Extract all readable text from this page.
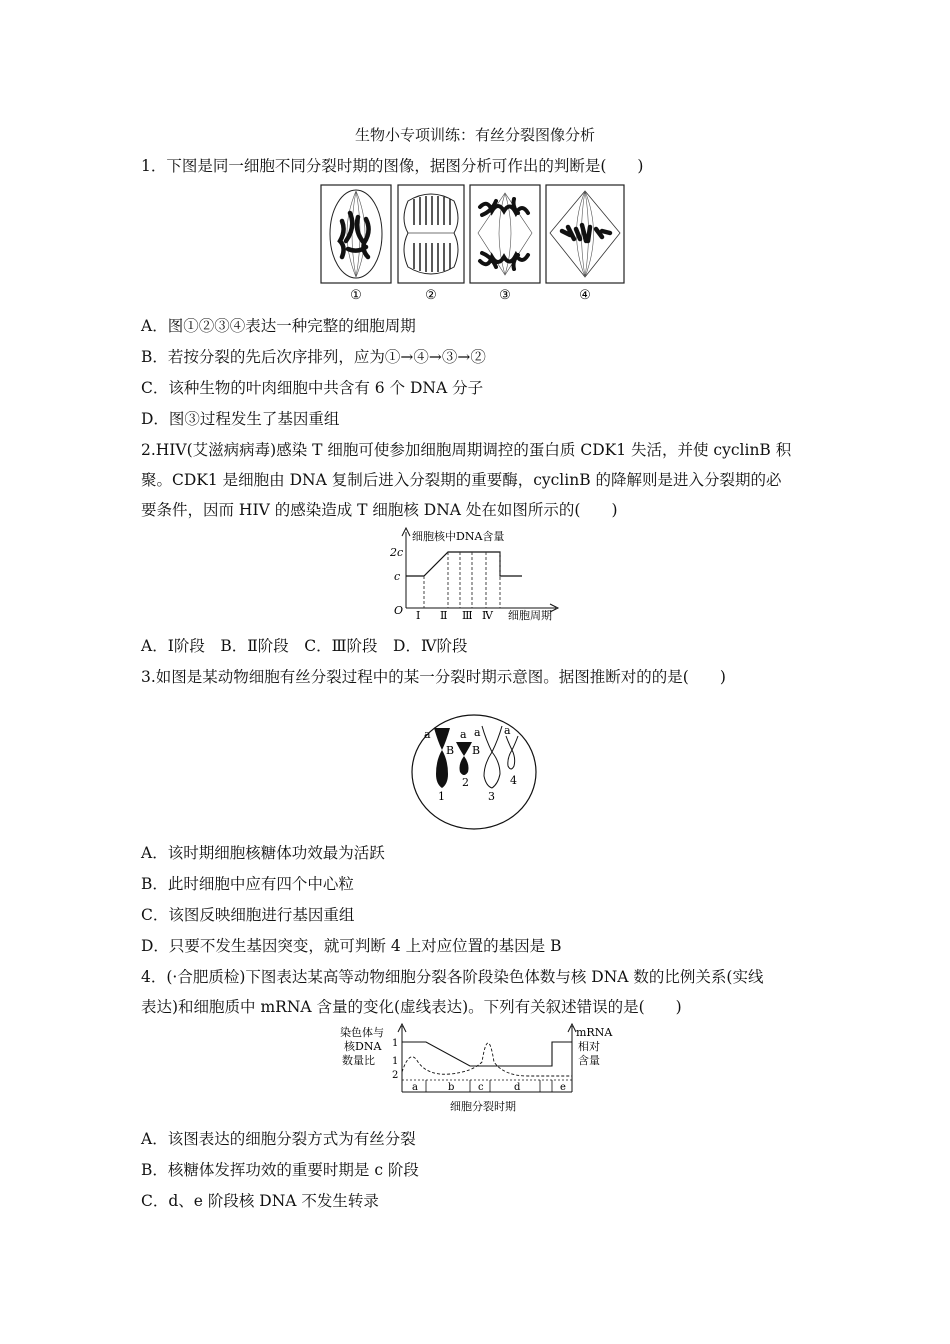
生物小专项训练：有丝分裂图像分析
1．下图是同一细胞不同分裂时期的图像，据图分析可作出的判断是(　　)
①	②	③	④
A．图①②③④表达一种完整的细胞周期
B．若按分裂的先后次序排列，应为①→④→③→②
C．该种生物的叶肉细胞中共含有 6 个 DNA 分子
D．图③过程发生了基因重组
2.HIV(艾滋病病毒)感染 T 细胞可使参加细胞周期调控的蛋白质 CDK1 失活，并使 cyclinB 积
聚。CDK1 是细胞由 DNA 复制后进入分裂期的重要酶，cyclinB 的降解则是进入分裂期的必
要条件，因而 HIV 的感染造成 T 细胞核 DNA 处在如图所示的(　　)
细胞核中DNA含量
2c
c
O Ⅰ Ⅱ Ⅲ Ⅳ 细胞周期
A．Ⅰ阶段　B．Ⅱ阶段　C．Ⅲ阶段　D．Ⅳ阶段
3.如图是某动物细胞有丝分裂过程中的某一分裂时期示意图。据图推断对的的是(　　)
a
B
a
B
a a
1
2
3
4
A．该时期细胞核糖体功效最为活跃
B．此时细胞中应有四个中心粒
C．该图反映细胞进行基因重组
D．只要不发生基因突变，就可判断 4 上对应位置的基因是 B
4．(·合肥质检)下图表达某高等动物细胞分裂各阶段染色体数与核 DNA 数的比例关系(实线
表达)和细胞质中 mRNA 含量的变化(虚线表达)。下列有关叙述错误的是(　　)
染色体与
核DNA
数量比
mRNA
相对
含量
1
1
2
a	b c	d	e
细胞分裂时期
A．该图表达的细胞分裂方式为有丝分裂
B．核糖体发挥功效的重要时期是 c 阶段
C．d、e 阶段核 DNA 不发生转录
